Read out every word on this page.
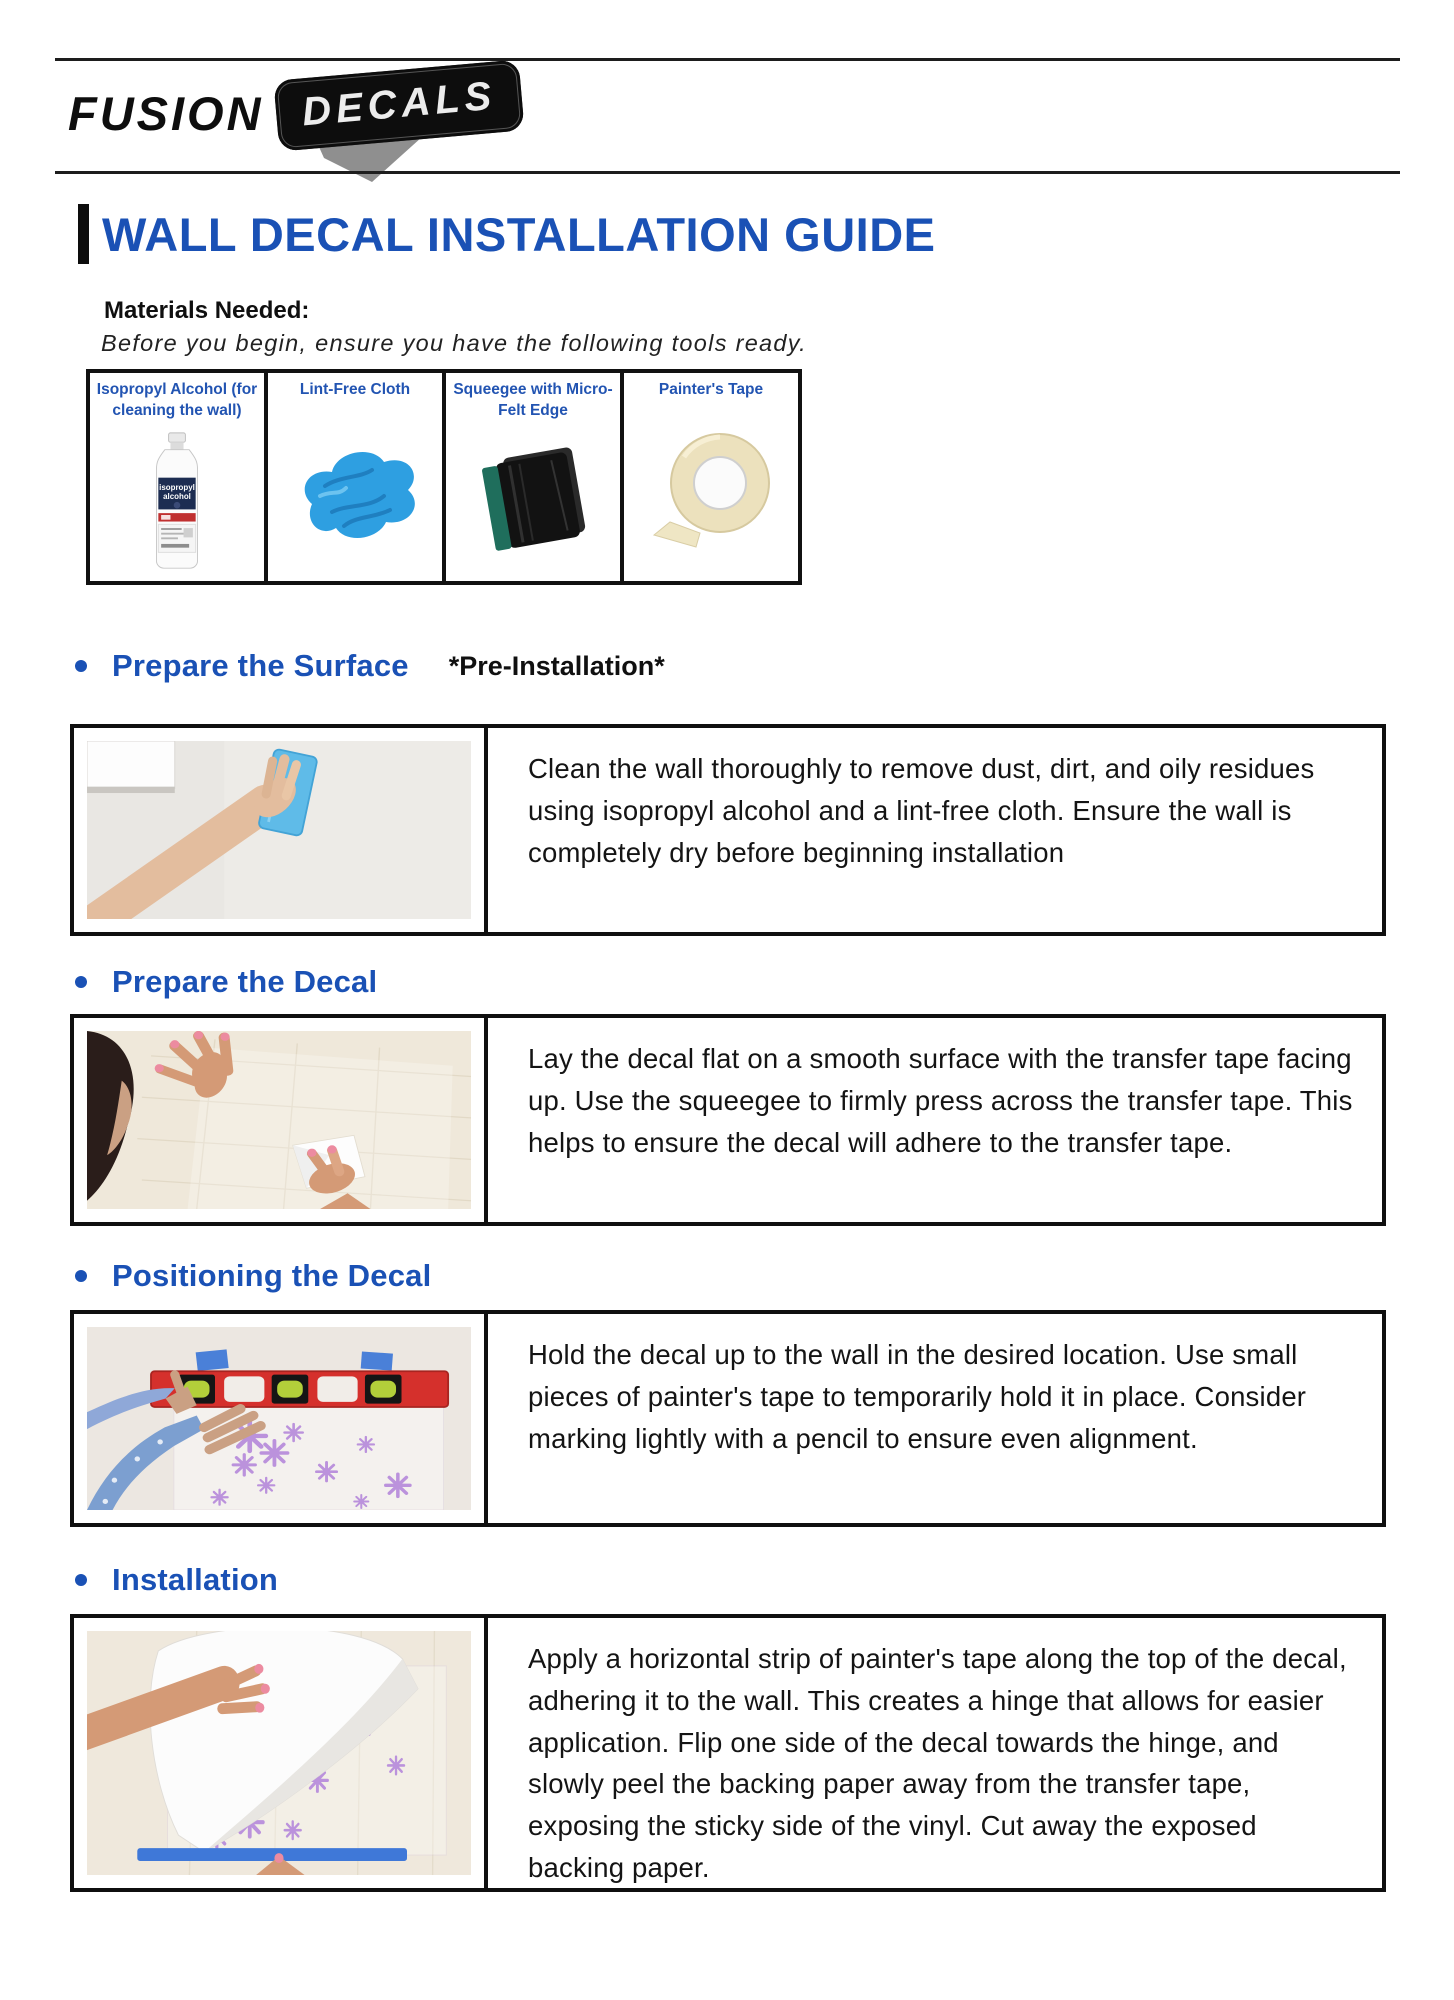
FUSION DECALS
WALL DECAL INSTALLATION GUIDE
Materials Needed:
Before you begin, ensure you have the following tools ready.
Isopropyl Alcohol (for cleaning the wall)
isopropyl
alcohol
Lint-Free Cloth	Squeegee with Micro-Felt Edge
Painter's Tape
Prepare the Surface *Pre-Installation*
Clean the wall thoroughly to remove dust, dirt, and oily residues using isopropyl alcohol and a lint-free cloth. Ensure the wall is completely dry before beginning installation
Prepare the Decal
Lay the decal flat on a smooth surface with the transfer tape facing up. Use the squeegee to firmly press across the transfer tape. This helps to ensure the decal will adhere to the transfer tape.
Positioning the Decal
Hold the decal up to the wall in the desired location. Use small pieces of painter's tape to temporarily hold it in place. Consider marking lightly with a pencil to ensure even alignment.
Installation
Apply a horizontal strip of painter's tape along the top of the decal, adhering it to the wall. This creates a hinge that allows for easier application. Flip one side of the decal towards the hinge, and slowly peel the backing paper away from the transfer tape, exposing the sticky side of the vinyl. Cut away the exposed backing paper.
